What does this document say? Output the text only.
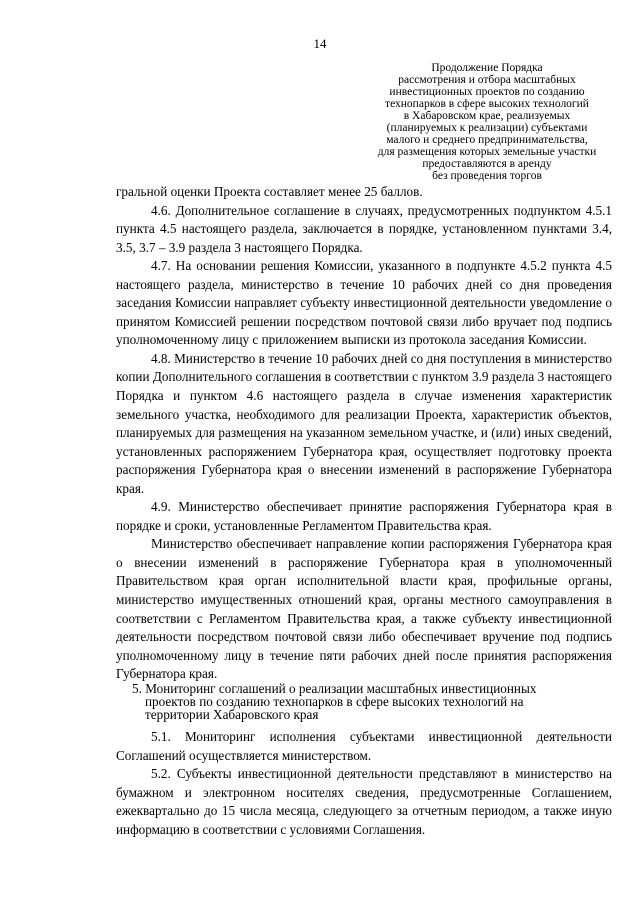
14
Продолжение Порядка
рассмотрения и отбора масштабных
инвестиционных проектов по созданию
технопарков в сфере высоких технологий
в Хабаровском крае, реализуемых
(планируемых к реализации) субъектами
малого и среднего предпринимательства,
для размещения которых земельные участки
предоставляются в аренду
без проведения торгов

гральной оценки Проекта составляет менее 25 баллов.

4.6. Дополнительное соглашение в случаях, предусмотренных подпунктом 4.5.1 пункта 4.5 настоящего раздела, заключается в порядке, установленном пунктами 3.4, 3.5, 3.7 – 3.9 раздела 3 настоящего Порядка.

4.7. На основании решения Комиссии, указанного в подпункте 4.5.2 пункта 4.5 настоящего раздела, министерство в течение 10 рабочих дней со дня проведения заседания Комиссии направляет субъекту инвестиционной деятельности уведомление о принятом Комиссией решении посредством почтовой связи либо вручает под подпись уполномоченному лицу с приложением выписки из протокола заседания Комиссии.

4.8. Министерство в течение 10 рабочих дней со дня поступления в министерство копии Дополнительного соглашения в соответствии с пунктом 3.9 раздела 3 настоящего Порядка и пунктом 4.6 настоящего раздела в случае изменения характеристик земельного участка, необходимого для реализации Проекта, характеристик объектов, планируемых для размещения на указанном земельном участке, и (или) иных сведений, установленных распоряжением Губернатора края, осуществляет подготовку проекта распоряжения Губернатора края о внесении изменений в распоряжение Губернатора края.

4.9. Министерство обеспечивает принятие распоряжения Губернатора края в порядке и сроки, установленные Регламентом Правительства края.

Министерство обеспечивает направление копии распоряжения Губернатора края о внесении изменений в распоряжение Губернатора края в уполномоченный Правительством края орган исполнительной власти края, профильные органы, министерство имущественных отношений края, органы местного самоуправления в соответствии с Регламентом Правительства края, а также субъекту инвестиционной деятельности посредством почтовой связи либо обеспечивает вручение под подпись уполномоченному лицу в течение пяти рабочих дней после принятия распоряжения Губернатора края.

5. Мониторинг соглашений о реализации масштабных инвестиционных
проектов по созданию технопарков в сфере высоких технологий на
территории Хабаровского края

5.1. Мониторинг исполнения субъектами инвестиционной деятельности Соглашений осуществляется министерством.

5.2. Субъекты инвестиционной деятельности представляют в министерство на бумажном и электронном носителях сведения, предусмотренные Соглашением, ежеквартально до 15 числа месяца, следующего за отчетным периодом, а также иную информацию в соответствии с условиями Соглашения.
